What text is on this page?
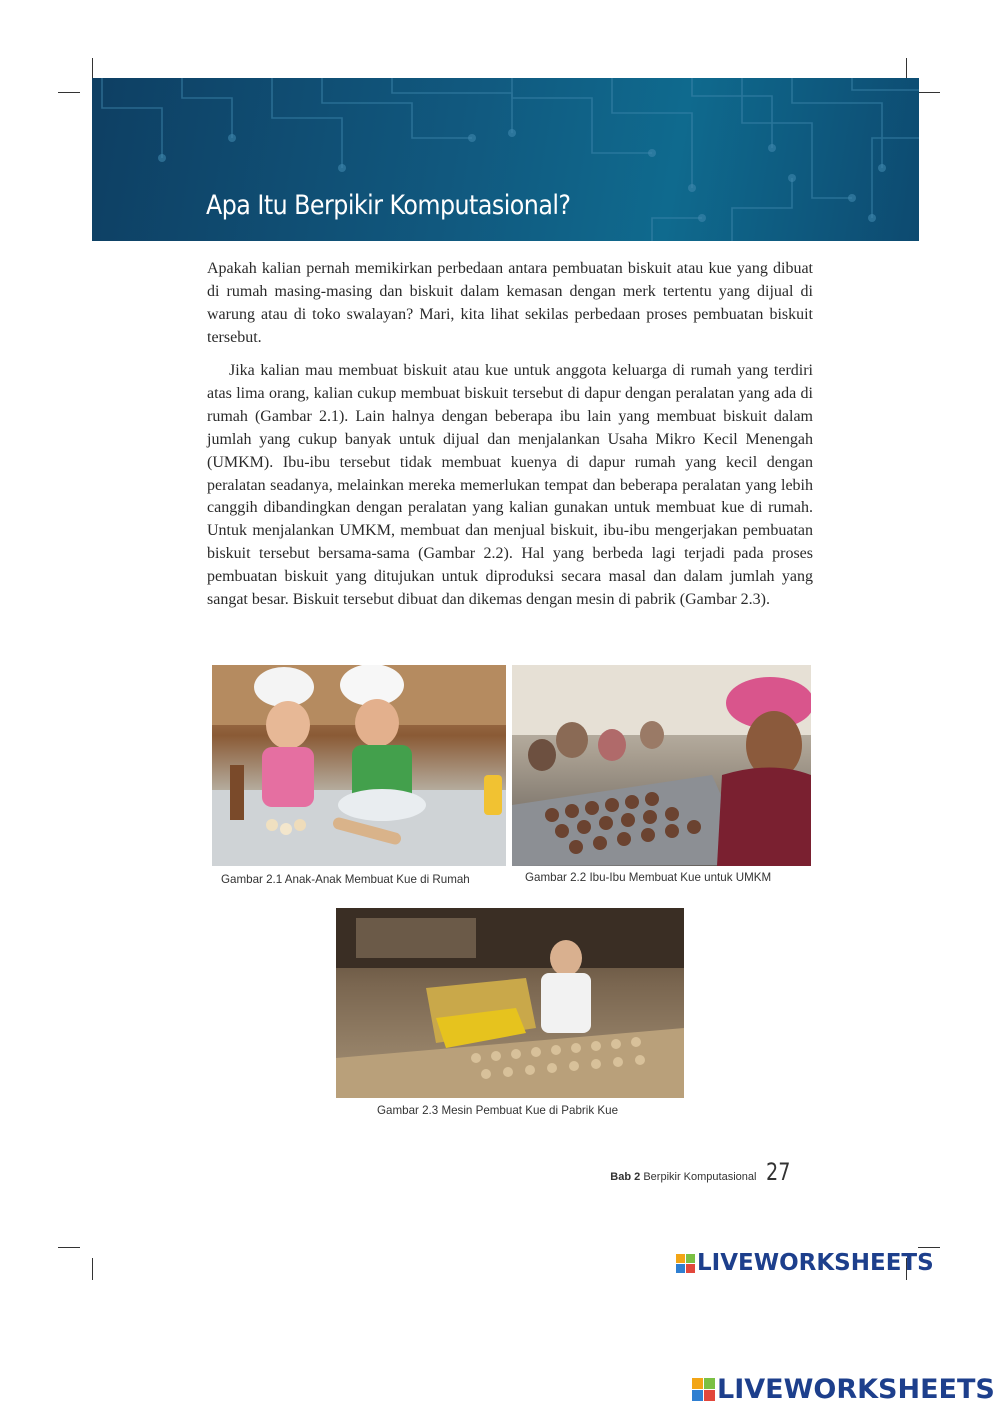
Apa Itu Berpikir Komputasional?

Apakah kalian pernah memikirkan perbedaan antara pembuatan biskuit atau kue yang dibuat di rumah masing-masing dan biskuit dalam kemasan dengan merk tertentu yang dijual di warung atau di toko swalayan? Mari, kita lihat sekilas perbedaan proses pembuatan biskuit tersebut.

Jika kalian mau membuat biskuit atau kue untuk anggota keluarga di rumah yang terdiri atas lima orang, kalian cukup membuat biskuit tersebut di dapur dengan peralatan yang ada di rumah (Gambar 2.1). Lain halnya dengan beberapa ibu lain yang membuat biskuit dalam jumlah yang cukup banyak untuk dijual dan menjalankan Usaha Mikro Kecil Menengah (UMKM). Ibu-ibu tersebut tidak membuat kuenya di dapur rumah yang kecil dengan peralatan seadanya, melainkan mereka memerlukan tempat dan beberapa peralatan yang lebih canggih dibandingkan dengan peralatan yang kalian gunakan untuk membuat kue di rumah. Untuk menjalankan UMKM, membuat dan menjual biskuit, ibu-ibu mengerjakan pembuatan biskuit tersebut bersama-sama (Gambar 2.2). Hal yang berbeda lagi terjadi pada proses pembuatan biskuit yang ditujukan untuk diproduksi secara masal dan dalam jumlah yang sangat besar. Biskuit tersebut dibuat dan dikemas dengan mesin di pabrik (Gambar 2.3).

Gambar 2.1 Anak-Anak Membuat Kue di Rumah	Gambar 2.2 Ibu-Ibu Membuat Kue untuk UMKM
Gambar 2.3 Mesin Pembuat Kue di Pabrik Kue
Bab 2 Berpikir Komputasional 27
LIVEWORKSHEETS
LIVEWORKSHEETS
